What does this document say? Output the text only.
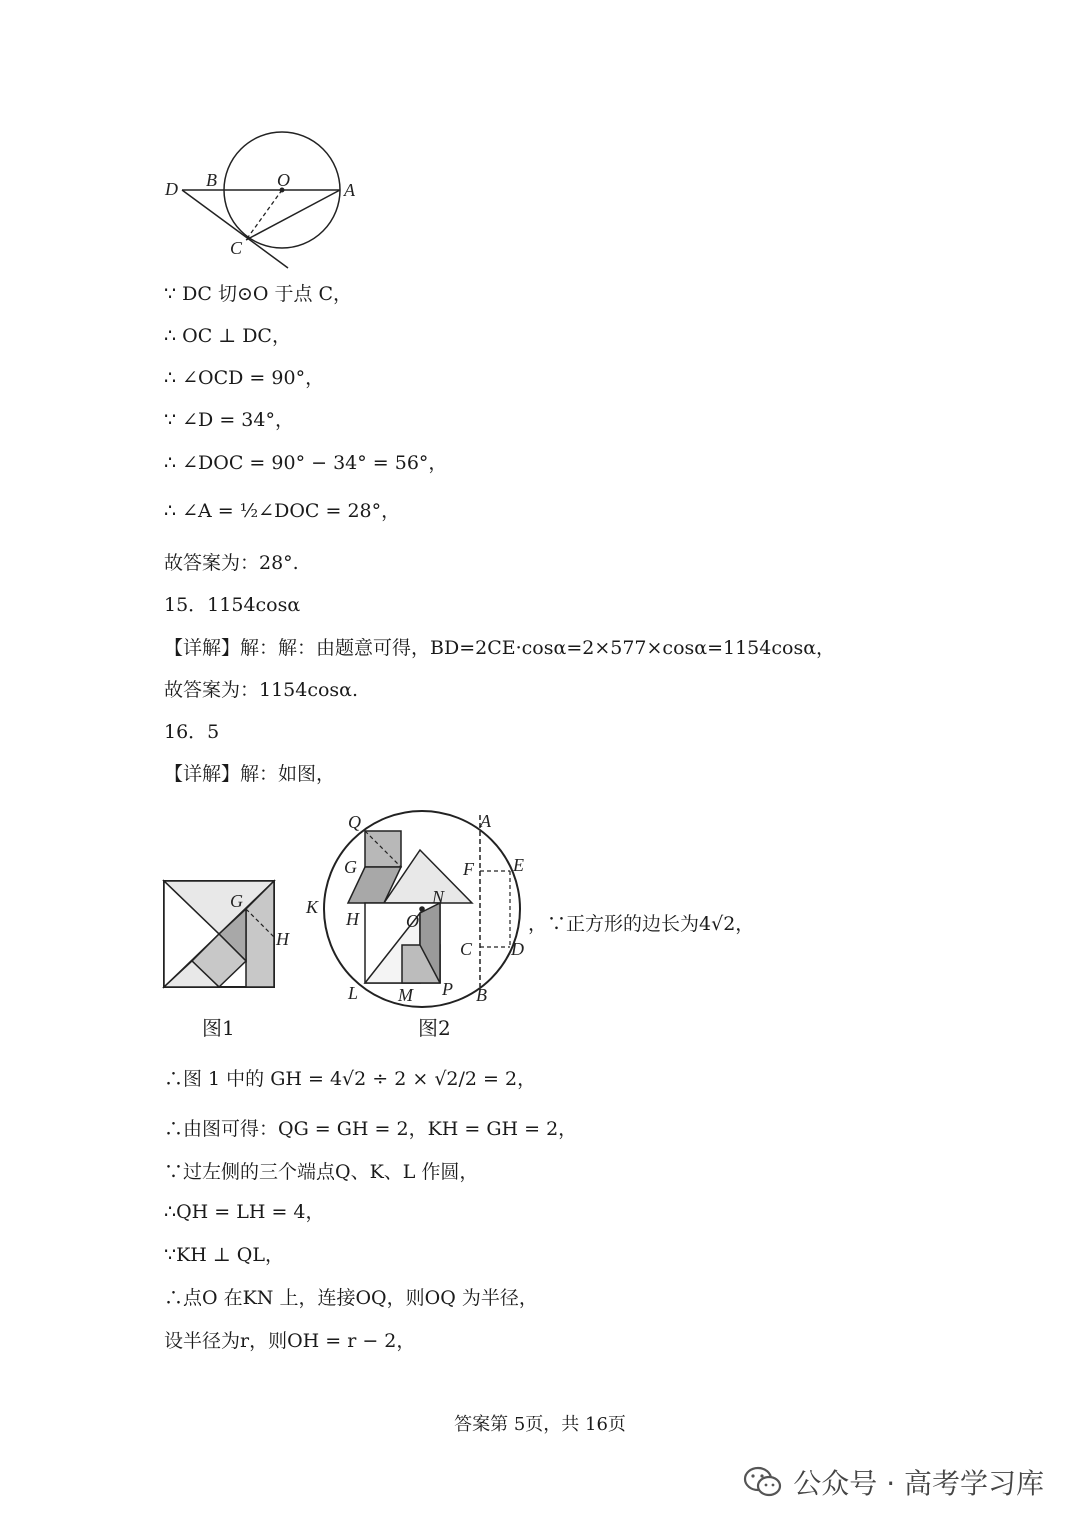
D B	O	A
C
∵ DC 切⊙O 于点 C，
∴ OC ⊥ DC，
∴ ∠OCD = 90°，
∵ ∠D = 34°，
∴ ∠DOC = 90° − 34° = 56°，
∴ ∠A = ½∠DOC = 28°，
故答案为：28°.
15．1154cosα
【详解】解：解：由题意可得，BD=2CE·cosα=2×577×cosα=1154cosα，
故答案为：1154cosα.
16．5
【详解】解：如图，
G
H
图1
Q	A
G	F E
K	N
H	O
C D
L M P B
图2
，∵正方形的边长为4√2，
∴图 1 中的 GH = 4√2 ÷ 2 × √2/2 = 2，
∴由图可得：QG = GH = 2，KH = GH = 2，
∵过左侧的三个端点Q、K、L 作圆，
∴QH = LH = 4，
∵KH ⊥ QL，
∴点O 在KN 上，连接OQ，则OQ 为半径，
设半径为r，则OH = r − 2，
答案第 5页，共 16页
公众号 · 高考学习库
